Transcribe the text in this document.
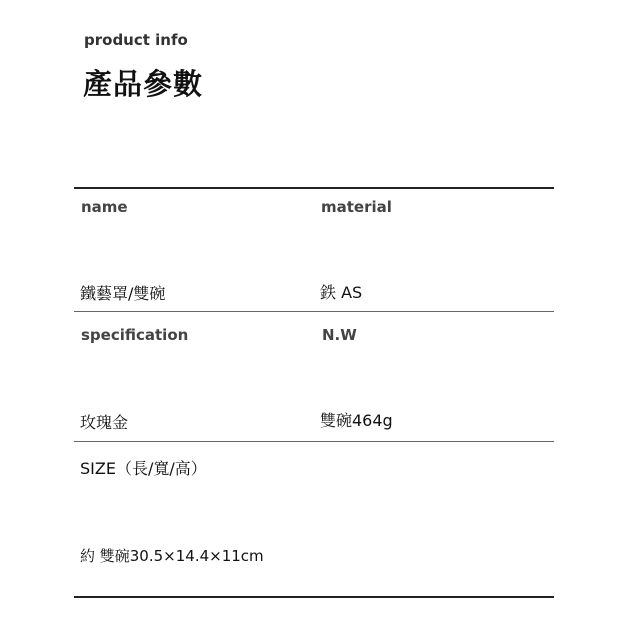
product info
產品參數
name	material
鐵藝罩/雙碗	鉄 AS
specification	N.W
玫瑰金	雙碗464g
SIZE（長/寬/高）
約 雙碗30.5×14.4×11cm
